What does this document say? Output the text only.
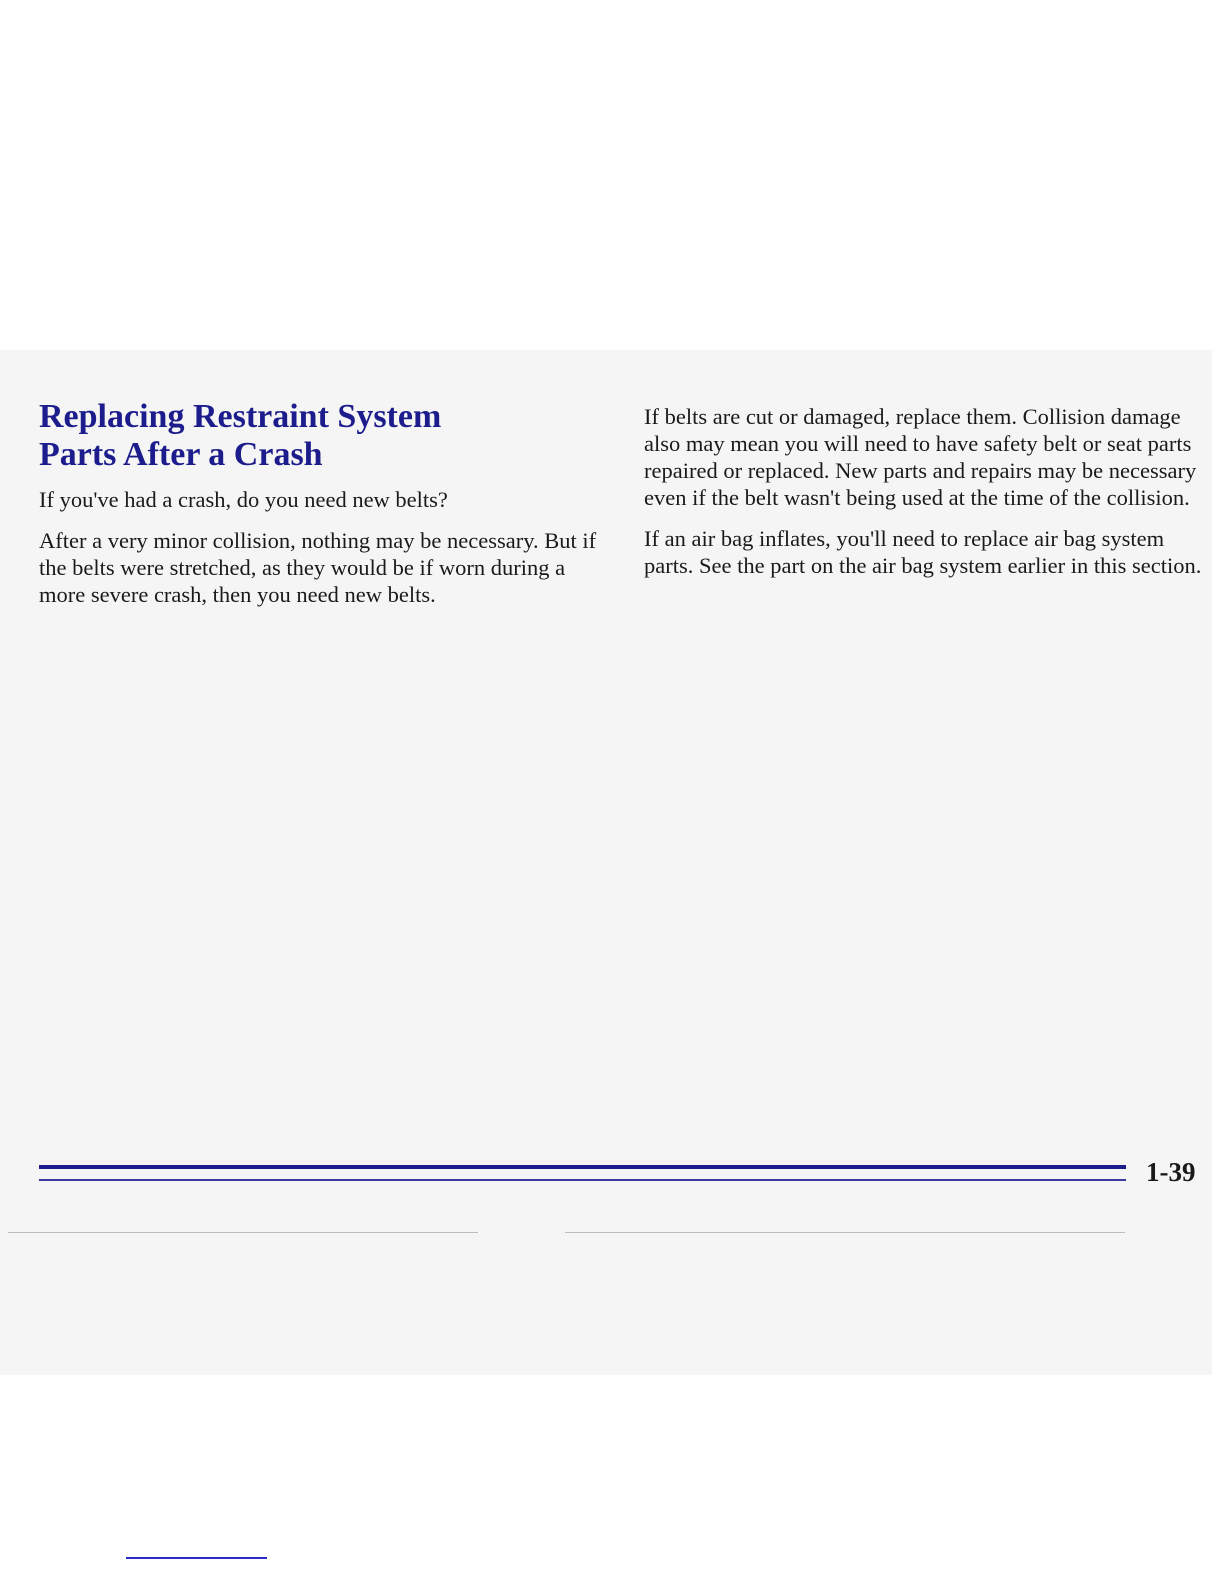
Replacing Restraint System
Parts After a Crash

If you've had a crash, do you need new belts?

After a very minor collision, nothing may be necessary. But if the belts were stretched, as they would be if worn during a more severe crash, then you need new belts.

If belts are cut or damaged, replace them. Collision damage also may mean you will need to have safety belt or seat parts repaired or replaced. New parts and repairs may be necessary even if the belt wasn't being used at the time of the collision.

If an air bag inflates, you'll need to replace air bag system parts. See the part on the air bag system earlier in this section.

1-39
